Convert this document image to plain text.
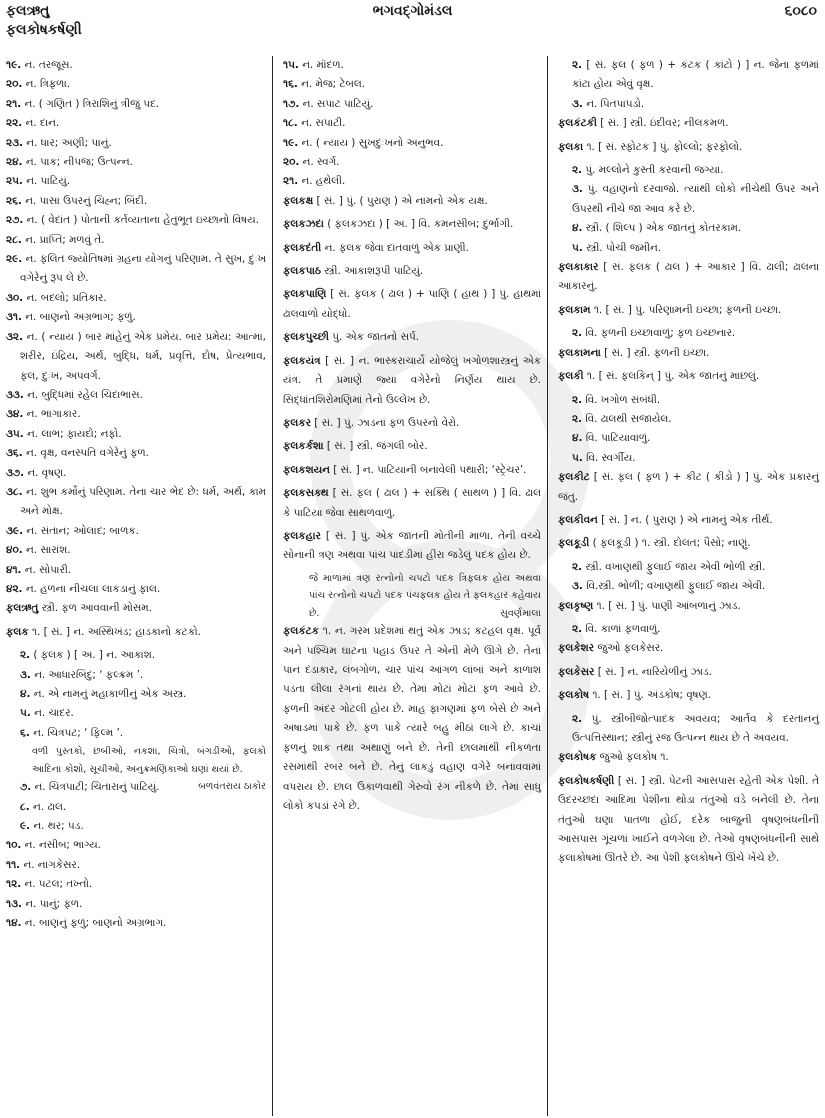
ફલઋતુ
ફલકોષકર્ષણી
ભગવદ્ગોમંડલ	૬૦૮૦
૧૯. ન. તરજૂસ.
૨૦. ન. ત્રિફળા.
૨૧. ન. ( ગણિત ) ત્રિરાશિનું ત્રીજું પદ.
૨૨. ન. દાન.
૨૩. ન. ધાર; અણી; પાનું.
૨૪. ન. પાક; નીપજ; ઉત્પન્ન.
૨૫. ન. પાટિયું.
૨૬. ન. પાસા ઉપરનું ચિહ્ન; બિંદી.
૨૭. ન. ( વેદાંત ) પોતાની કર્તવ્યતાના હેતુભૂત ઇચ્છાનો વિષય.
૨૮. ન. પ્રાપ્તિ; મળવું તે.
૨૯. ન. ફલિત જ્યોતિષમાં ગ્રહના યોગનું પરિણામ. તે સુખ, દુઃખ વગેરેનું રૂપ લે છે.
૩૦. ન. બદલો; પ્રતિકાર.
૩૧. ન. બાણનો અગ્રભાગ; ફળું.
૩૨. ન. ( ન્યાય ) બાર માંહેનું એક પ્રમેય. બાર પ્રમેય: આત્મા, શરીર, ઇંદ્રિય, અર્થ, બુદ્ધિ, ધર્મ, પ્રવૃત્તિ, દોષ, પ્રેત્યભાવ, ફલ, દુઃખ, અપવર્ગ.
૩૩. ન. બુદ્ધિમાં રહેલ ચિદાભાસ.
૩૪. ન. ભાગાકાર.
૩૫. ન. લાભ; ફાયદો; નફો.
૩૬. ન. વૃક્ષ, વનસ્પતિ વગેરેનું ફળ.
૩૭. ન. વૃષણ.
૩૮. ન. શુભ કર્મોનું પરિણામ. તેના ચાર ભેદ છે: ધર્મ, અર્થ, કામ અને મોક્ષ.
૩૯. ન. સંતાન; ઓલાદ; બાળક.
૪૦. ન. સારાંશ.
૪૧. ન. સોપારી.
૪૨. ન. હળના નીચલા લાકડાનું ફાલ.
ફલઋતુ સ્ત્રી. ફળ આવવાની મોસમ.
ફલક ૧. [ સં. ] ન. અસ્થિખંડ; હાડકાનો કટકો.
૨. ( ફલક ) [ અ. ] ન. આકાશ.
૩. ન. આધારબિંદુ; ‘ ફલ્ક્રમ ’.
૪. ન. એ નામનું મહાકાળીનું એક અસ્ત્ર.
૫. ન. ચાદર.
૬. ન. ચિત્રપટ; ‘ ફિલ્મ ’.
વળી પુસ્તકો, છબીઓ, નકશા, ચિત્રો, બંગડીઓ, ફલકો આદિના કોશો, સૂચીઓ, અનુક્રમણિકાઓ ઘણાં થયાં છે.
બળવંતરાય ઠાકોર
૭. ન. ચિત્રપાટી; ચિતારાનું પાટિયું.
૮. ન. ઢાલ.
૯. ન. થર; પડ.
૧૦. ન. નસીબ; ભાગ્ય.
૧૧. ન. નાગકેસર.
૧૨. ન. પટલ; તખ્તો.
૧૩. ન. પાનું; ફળ.
૧૪. ન. બાણનું ફળું; બાણનો અગ્રભાગ.
૧૫. ન. મૉદળ.
૧૬. ન. મેજ; ટેબલ.
૧૭. ન. સપાટ પાટિયું.
૧૮. ન. સપાટી.
૧૯. ન. ( ન્યાય ) સુખદુઃખનો અનુભવ.
૨૦. ન. સ્વર્ગ.
૨૧. ન. હથેલી.
ફલકક્ષ [ સં. ] પું. ( પુરાણ ) એ નામનો એક યક્ષ.
ફલકઝદા ( ફલકઝદા ) [ અ. ] વિ. કમનસીબ; દુર્ભાગી.
ફલકદંતી ન. ફલક જેવા દાંતવાળું એક પ્રાણી.
ફલકપાઠ સ્ત્રી. આકાશરૂપી પાટિયું.
ફલકપાણિ [ સં. ફલક ( ઢાલ ) + પાણિ ( હાથ ) ] પું. હાથમાં ઢાલવાળો યોદ્ધો.
ફલકપુચ્છી પું. એક જાતનો સર્પ.
ફલકયંત્ર [ સં. ] ન. ભાસ્કરાચાર્યે યોજેલું ખગોળશાસ્ત્રનું એક યંત્ર. તે પ્રમાણે જ્યા વગેરેનો નિર્ણય થાય છે. સિદ્ધાંતશિરોમણિમાં તેનો ઉલ્લેખ છે.
ફલકર [ સં. ] પું. ઝાડનાં ફળ ઉપરનો વેરો.
ફલકર્કશા [ સં. ] સ્ત્રી. જંગલી બોર.
ફલકશયન [ સં. ] ન. પાટિયાની બનાવેલી પથારી; ‘સ્ટ્રેચર’.
ફલકસક્થ [ સં. ફલ ( ઢાલ ) + સક્થિ ( સાથળ ) ] વિ. ઢાલ કે પાટિયા જેવા સાથળવાળું.
ફલકહાર [ સં. ] પું. એક જાતની મોતીની માળા. તેની વચ્ચે સોનાની ત્રણ અથવા પાંચ પાંદડીમાં હીરા જડેલું પદક હોય છે.
જે માળામાં ત્રણ રત્નોનો ચપટો પદક ત્રિફલક હોય અથવા પાંચ રત્નોનો ચપટો પદક પંચફલક હોય તે ફલકહાર કહેવાય છે.	સુવર્ણમાલા
ફલકંટક ૧. ન. ગરમ પ્રદેશમાં થતું એક ઝાડ; કટહલ વૃક્ષ. પૂર્વ અને પશ્ચિમ ઘાટના પહાડ ઉપર તે એની મેળે ઊગે છે. તેનાં પાન દંડાકાર, લંબગોળ, ચાર પાંચ આંગળ લાંબાં અને કાળાશ પડતા લીલા રંગનાં થાય છે. તેમાં મોટાં મોટાં ફળ આવે છે. ફળની અંદર ગોટલી હોય છે. માહ ફાગણમાં ફળ બેસે છે અને અષાડમાં પાકે છે. ફળ પાકે ત્યારે બહુ મીઠાં લાગે છે. કાચાં ફળનું શાક તથા અથાણું બને છે. તેની છાલમાંથી નીકળતા રસમાંથી રબર બને છે. તેનું લાકડું વહાણ વગેરે બનાવવામાં વપરાય છે. છાલ ઉકાળવાથી ગેરુવો રંગ નીકળે છે. તેમાં સાધુ લોકો કપડાં રંગે છે.
૨. [ સં. ફલ ( ફળ ) + કંટક ( કાંટો ) ] ન. જેના ફળમાં કાંટા હોય એવું વૃક્ષ.
૩. ન. પિતપાપડો.
ફલકંટકી [ સં. ] સ્ત્રી. ઇંદીવર; નીલકમળ.
ફલકા ૧. [ સં. સ્ફોટક ] પું. ફોલ્લો; ફરફોલો.
૨. પું. મલ્લોને કુસ્તી કરવાની જગ્યા.
૩. પું. વહાણનો દરવાજો. ત્યાંથી લોકો નીચેથી ઉપર અને ઉપરથી નીચે જા આવ કરે છે.
૪. સ્ત્રી. ( શિલ્પ ) એક જાતનું કોતરકામ.
૫. સ્ત્રી. પોચી જમીન.
ફલકાકાર [ સં. ફલક ( ઢાલ ) + આકાર ] વિ. ઢાલી; ઢાલના આકારનું.
ફલકામ ૧. [ સં. ] પું. પરિણામની ઇચ્છા; ફળની ઇચ્છા.
૨. વિ. ફળની ઇચ્છાવાળું; ફળ ઇચ્છનાર.
ફલકામના [ સં. ] સ્ત્રી. ફળની ઇચ્છા.
ફલકી ૧. [ સં. ફલકિન્ ] પું. એક જાતનું માછલું.
૨. વિ. ખગોળ સંબંધી.
૨. વિ. ઢાલથી સજાયેલ.
૪. વિ. પાટિયાવાળું.
૫. વિ. સ્વર્ગીય.
ફલકીટ [ સં. ફલ ( ફળ ) + કીટ ( કીડો ) ] પું. એક પ્રકારનું જંતુ.
ફલકીવન [ સં. ] ન. ( પુરાણ ) એ નામનું એક તીર્થ.
ફલકૂડી ( ફલકૂડી ) ૧. સ્ત્રી. દોલત; પૈસો; નાણું.
૨. સ્ત્રી. વખાણથી ફુલાઈ જાય એવી ભોળી સ્ત્રી.
૩. વિ.સ્ત્રી. ભોળી; વખાણથી ફુલાઈ જાય એવી.
ફલકૃષ્ણ ૧. [ સં. ] પું. પાણી આંબળાનું ઝાડ.
૨. વિ. કાળાં ફળવાળું.
ફલકેશર જુઓ ફલકેસર.
ફલકેસર [ સં. ] ન. નારિયેળીનું ઝાડ.
ફલકોષ ૧. [ સં. ] પું. અંડકોષ; વૃષણ.
૨. પું. સ્ત્રીબીજોત્પાદક અવયવ; આર્તવ કે દરતાનનું ઉત્પત્તિસ્થાન; સ્ત્રીનું રજ ઉત્પન્ન થાય છે તે અવયવ.
ફલકોષક જુઓ ફલકોષ ૧.
ફલકોષકર્ષણી [ સં. ] સ્ત્રી. પેટની આસપાસ રહેતી એક પેશી. તે ઉદરચ્છદા આદિમા પેશીના થોડા તંતુઓ વડે બનેલી છે. તેના તંતુઓ ઘણા પાતળા હોઈ, દરેક બાજુની વૃષણબંધનીની આસપાસ ગૂંચળાં ખાઈને વળગેલા છે. તેઓ વૃષણબંધનીની સાથે ફલાકોષમાં ઊતરે છે. આ પેશી ફલકોષને ઊંચે ખેંચે છે.
